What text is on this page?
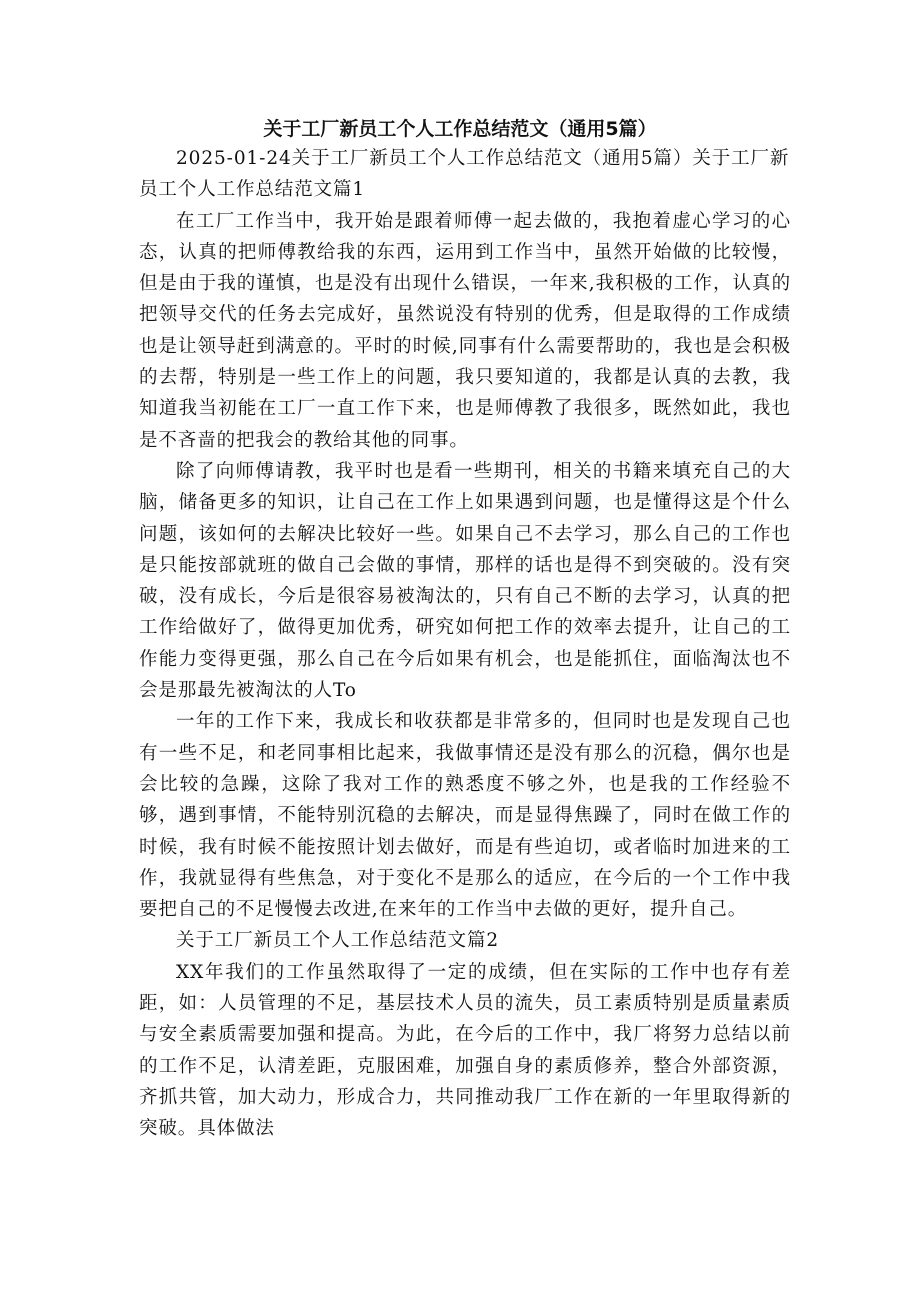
关于工厂新员工个人工作总结范文（通用5篇）

2025-01-24关于工厂新员工个人工作总结范文（通用5篇）关于工厂新员工个人工作总结范文篇1

在工厂工作当中，我开始是跟着师傅一起去做的，我抱着虚心学习的心态，认真的把师傅教给我的东西，运用到工作当中，虽然开始做的比较慢，但是由于我的谨慎，也是没有出现什么错误，一年来,我积极的工作，认真的把领导交代的任务去完成好，虽然说没有特别的优秀，但是取得的工作成绩也是让领导赶到满意的。平时的时候,同事有什么需要帮助的，我也是会积极的去帮，特别是一些工作上的问题，我只要知道的，我都是认真的去教，我知道我当初能在工厂一直工作下来，也是师傅教了我很多，既然如此，我也是不吝啬的把我会的教给其他的同事。

除了向师傅请教，我平时也是看一些期刊，相关的书籍来填充自己的大脑，储备更多的知识，让自己在工作上如果遇到问题，也是懂得这是个什么问题，该如何的去解决比较好一些。如果自己不去学习，那么自己的工作也是只能按部就班的做自己会做的事情，那样的话也是得不到突破的。没有突破，没有成长，今后是很容易被淘汰的，只有自己不断的去学习，认真的把工作给做好了，做得更加优秀，研究如何把工作的效率去提升，让自己的工作能力变得更强，那么自己在今后如果有机会，也是能抓住，面临淘汰也不会是那最先被淘汰的人To

一年的工作下来，我成长和收获都是非常多的，但同时也是发现自己也有一些不足，和老同事相比起来，我做事情还是没有那么的沉稳，偶尔也是会比较的急躁，这除了我对工作的熟悉度不够之外，也是我的工作经验不够，遇到事情，不能特别沉稳的去解决，而是显得焦躁了，同时在做工作的时候，我有时候不能按照计划去做好，而是有些迫切，或者临时加进来的工作，我就显得有些焦急，对于变化不是那么的适应，在今后的一个工作中我要把自己的不足慢慢去改进,在来年的工作当中去做的更好，提升自己。

关于工厂新员工个人工作总结范文篇2

XX年我们的工作虽然取得了一定的成绩，但在实际的工作中也存有差距，如：人员管理的不足，基层技术人员的流失，员工素质特别是质量素质与安全素质需要加强和提高。为此，在今后的工作中，我厂将努力总结以前的工作不足，认清差距，克服困难，加强自身的素质修养，整合外部资源，齐抓共管，加大动力，形成合力，共同推动我厂工作在新的一年里取得新的突破。具体做法
